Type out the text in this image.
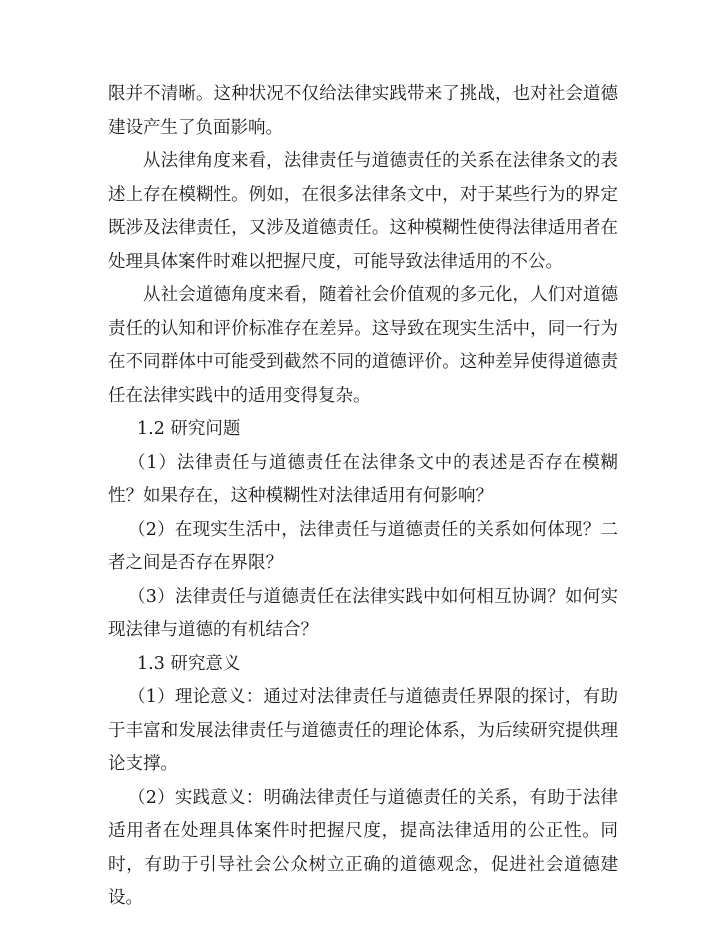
限并不清晰。这种状况不仅给法律实践带来了挑战，也对社会道德建设产生了负面影响。

从法律角度来看，法律责任与道德责任的关系在法律条文的表述上存在模糊性。例如，在很多法律条文中，对于某些行为的界定既涉及法律责任，又涉及道德责任。这种模糊性使得法律适用者在处理具体案件时难以把握尺度，可能导致法律适用的不公。

从社会道德角度来看，随着社会价值观的多元化，人们对道德责任的认知和评价标准存在差异。这导致在现实生活中，同一行为在不同群体中可能受到截然不同的道德评价。这种差异使得道德责任在法律实践中的适用变得复杂。

1.2 研究问题

（1）法律责任与道德责任在法律条文中的表述是否存在模糊性？如果存在，这种模糊性对法律适用有何影响？

（2）在现实生活中，法律责任与道德责任的关系如何体现？二者之间是否存在界限？

（3）法律责任与道德责任在法律实践中如何相互协调？如何实现法律与道德的有机结合？

1.3 研究意义

（1）理论意义：通过对法律责任与道德责任界限的探讨，有助于丰富和发展法律责任与道德责任的理论体系，为后续研究提供理论支撑。

（2）实践意义：明确法律责任与道德责任的关系，有助于法律适用者在处理具体案件时把握尺度，提高法律适用的公正性。同时，有助于引导社会公众树立正确的道德观念，促进社会道德建设。
